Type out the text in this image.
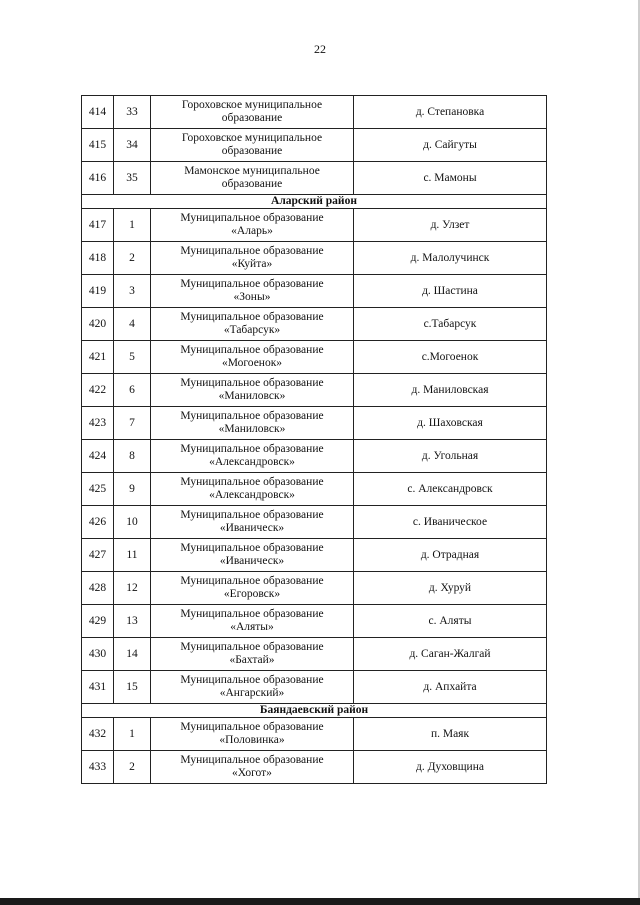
22
414	33	Гороховское муниципальное
образование	д. Степановка
415	34	Гороховское муниципальное
образование	д. Сайгуты
416	35	Мамонское муниципальное
образование	с. Мамоны
Аларский район			
417	1	Муниципальное образование
«Аларь»	д. Улзет
418	2	Муниципальное образование
«Куйта»	д. Малолучинск
419	3	Муниципальное образование
«Зоны»	д. Шастина
420	4	Муниципальное образование
«Табарсук»	с.Табарсук
421	5	Муниципальное образование
«Могоенок»	с.Могоенок
422	6	Муниципальное образование
«Маниловск»	д. Маниловская
423	7	Муниципальное образование
«Маниловск»	д. Шаховская
424	8	Муниципальное образование
«Александровск»	д. Угольная
425	9	Муниципальное образование
«Александровск»	с. Александровск
426	10	Муниципальное образование
«Иваническ»	с. Иваническое
427	11	Муниципальное образование
«Иваническ»	д. Отрадная
428	12	Муниципальное образование
«Егоровск»	д. Хуруй
429	13	Муниципальное образование
«Аляты»	с. Аляты
430	14	Муниципальное образование
«Бахтай»	д. Саган-Жалгай
431	15	Муниципальное образование
«Ангарский»	д. Апхайта
Баяндаевский район			
432	1	Муниципальное образование
«Половинка»	п. Маяк
433	2	Муниципальное образование
«Хогот»	д. Духовщина
